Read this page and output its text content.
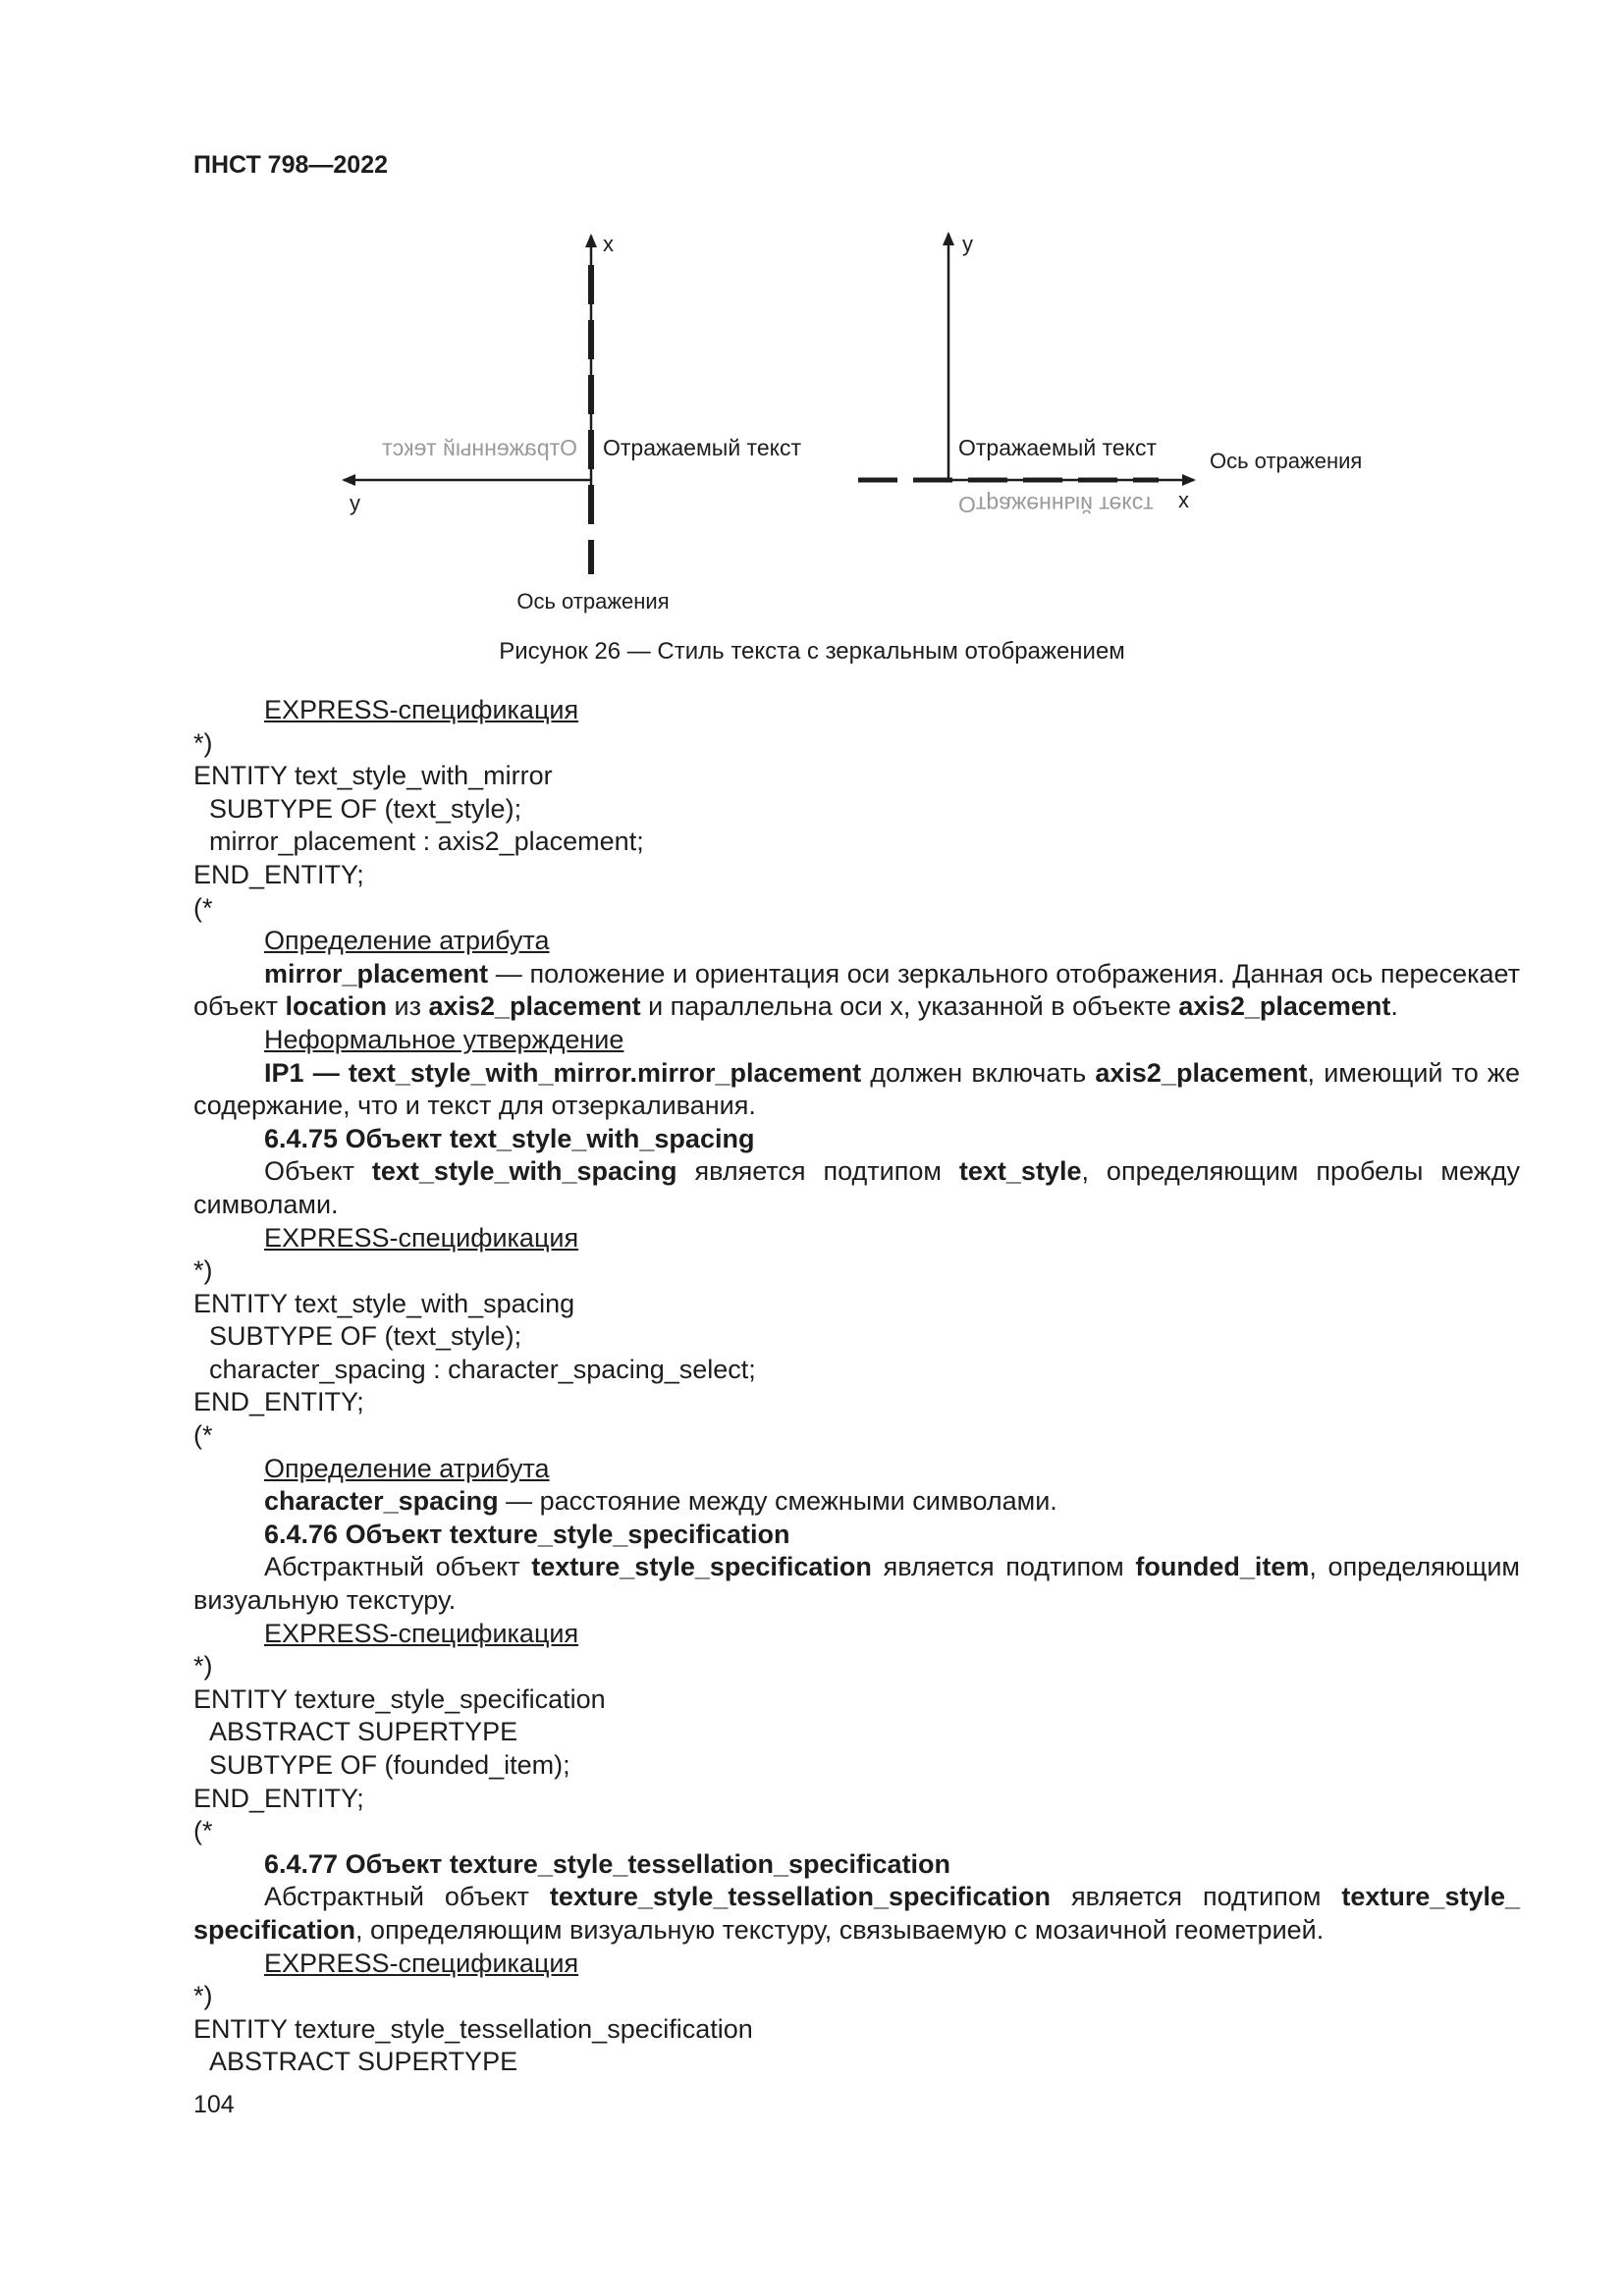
ПНСТ 798—2022
x
y
Отражаемый текст
Отраженный текст
Ось отражения
y
x
Отражаемый текст
Отраженный текст
Ось отражения
Рисунок 26 — Стиль текста с зеркальным отображением

EXPRESS-спецификация

*)

ENTITY text_style_with_mirror

SUBTYPE OF (text_style);

mirror_placement : axis2_placement;

END_ENTITY;

(*

Определение атрибута

mirror_placement — положение и ориентация оси зеркального отображения. Данная ось пересекает объект location из axis2_placement и параллельна оси x, указанной в объекте axis2_placement.

Неформальное утверждение

IP1 — text_style_with_mirror.mirror_placement должен включать axis2_placement, имеющий то же содержание, что и текст для отзеркаливания.

6.4.75 Объект text_style_with_spacing

Объект text_style_with_spacing является подтипом text_style, определяющим пробелы между символами.

EXPRESS-спецификация

*)

ENTITY text_style_with_spacing

SUBTYPE OF (text_style);

character_spacing : character_spacing_select;

END_ENTITY;

(*

Определение атрибута

character_spacing — расстояние между смежными символами.

6.4.76 Объект texture_style_specification

Абстрактный объект texture_style_specification является подтипом founded_item, определяющим визуальную текстуру.

EXPRESS-спецификация

*)

ENTITY texture_style_specification

ABSTRACT SUPERTYPE

SUBTYPE OF (founded_item);

END_ENTITY;

(*

6.4.77 Объект texture_style_tessellation_specification

Абстрактный объект texture_style_tessellation_specification является подтипом texture_style_ specification, определяющим визуальную текстуру, связываемую с мозаичной геометрией.

EXPRESS-спецификация

*)

ENTITY texture_style_tessellation_specification

ABSTRACT SUPERTYPE

104
